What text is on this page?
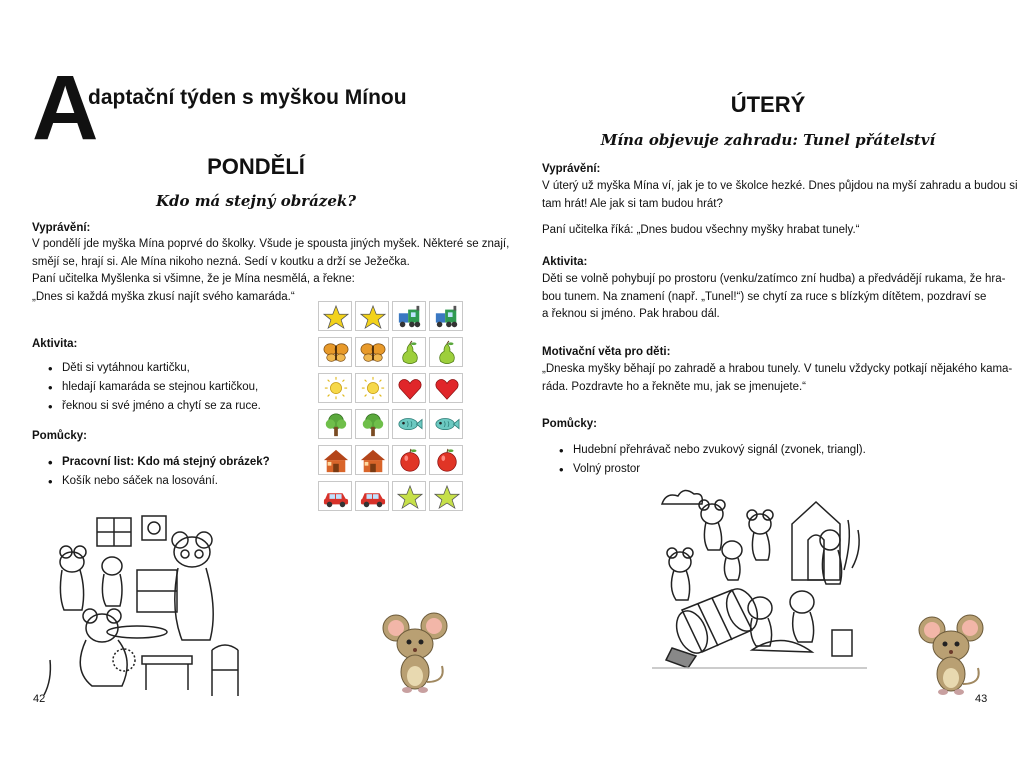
A
daptační týden s myškou Mínou
PONDĚLÍ
Kdo má stejný obrázek?
Vyprávění:
V pondělí jde myška Mína poprvé do školky. Všude je spousta jiných myšek. Některé se znají,
smějí se, hrají si. Ale Mína nikoho nezná. Sedí v koutku a drží se Ježečka.
Paní učitelka Myšlenka si všimne, že je Mína nesmělá, a řekne:
„Dnes si každá myška zkusí najít svého kamaráda.“
Aktivita:
• Děti si vytáhnou kartičku,
• hledají kamaráda se stejnou kartičkou,
• řeknou si své jméno a chytí se za ruce.
Pomůcky:
• Pracovní list: Kdo má stejný obrázek?
• Košík nebo sáček na losování.
42
ÚTERÝ
Mína objevuje zahradu: Tunel přátelství
Vyprávění:
V úterý už myška Mína ví, jak je to ve školce hezké. Dnes půjdou na myší zahradu a budou si
tam hrát! Ale jak si tam budou hrát?
Paní učitelka říká: „Dnes budou všechny myšky hrabat tunely.“
Aktivita:
Děti se volně pohybují po prostoru (venku/zatímco zní hudba) a předvádějí rukama, že hra-
bou tunem. Na znamení (např. „Tunel!“) se chytí za ruce s blízkým dítětem, pozdraví se
a řeknou si jméno. Pak hrabou dál.
Motivační věta pro děti:
„Dneska myšky běhají po zahradě a hrabou tunely. V tunelu vždycky potkají nějakého kama-
ráda. Pozdravte ho a řekněte mu, jak se jmenujete.“
Pomůcky:
• Hudební přehrávač nebo zvukový signál (zvonek, triangl).
• Volný prostor
43
